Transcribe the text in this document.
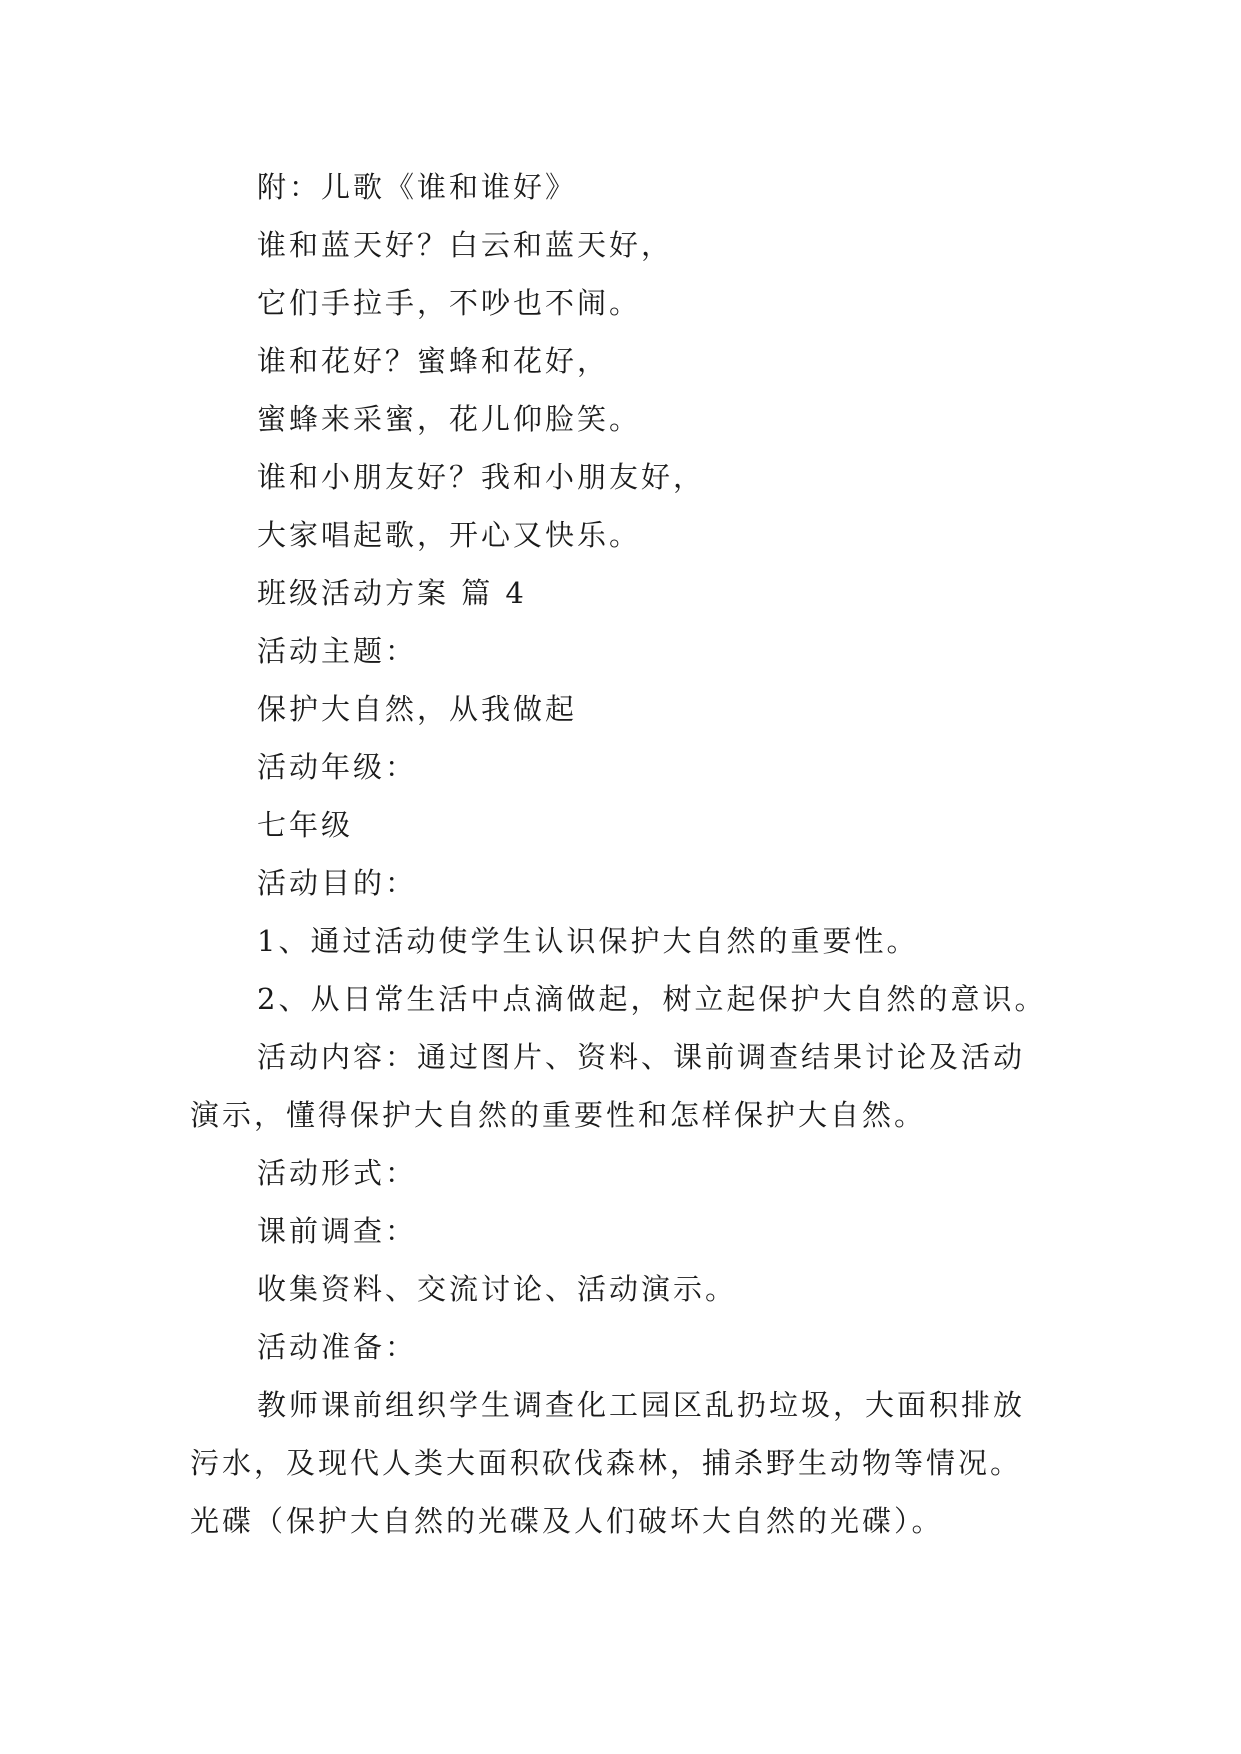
附：儿歌《谁和谁好》
谁和蓝天好？白云和蓝天好，
它们手拉手，不吵也不闹。
谁和花好？蜜蜂和花好，
蜜蜂来采蜜，花儿仰脸笑。
谁和小朋友好？我和小朋友好，
大家唱起歌，开心又快乐。
班级活动方案 篇 4
活动主题：
保护大自然，从我做起
活动年级：
七年级
活动目的：
1、通过活动使学生认识保护大自然的重要性。
2、从日常生活中点滴做起，树立起保护大自然的意识。
活动内容：通过图片、资料、课前调查结果讨论及活动
演示，懂得保护大自然的重要性和怎样保护大自然。
活动形式：
课前调查：
收集资料、交流讨论、活动演示。
活动准备：
教师课前组织学生调查化工园区乱扔垃圾，大面积排放
污水，及现代人类大面积砍伐森林，捕杀野生动物等情况。
光碟（保护大自然的光碟及人们破坏大自然的光碟）。
